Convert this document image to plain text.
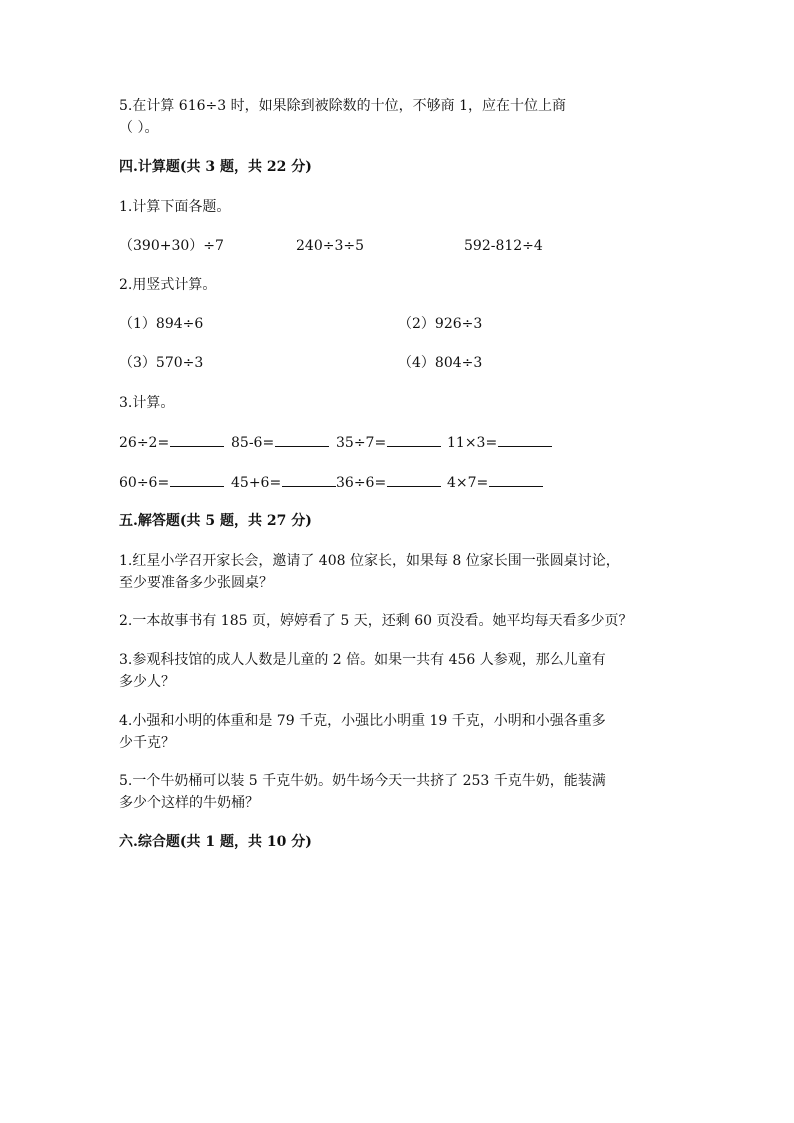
5.在计算 616÷3 时，如果除到被除数的十位，不够商 1，应在十位上商
（ ）。
四.计算题(共 3 题，共 22 分)
1.计算下面各题。
（390+30）÷7	240÷3÷5	592-812÷4
2.用竖式计算。
（1）894÷6	（2）926÷3
（3）570÷3	（4）804÷3
3.计算。
26÷2=	85-6=	35÷7=	11×3=
60÷6=	45+6=	36÷6=	4×7=
五.解答题(共 5 题，共 27 分)
1.红星小学召开家长会，邀请了 408 位家长，如果每 8 位家长围一张圆桌讨论，
至少要准备多少张圆桌？
2.一本故事书有 185 页，婷婷看了 5 天，还剩 60 页没看。她平均每天看多少页？
3.参观科技馆的成人人数是儿童的 2 倍。如果一共有 456 人参观，那么儿童有
多少人？
4.小强和小明的体重和是 79 千克，小强比小明重 19 千克，小明和小强各重多
少千克？
5.一个牛奶桶可以装 5 千克牛奶。奶牛场今天一共挤了 253 千克牛奶，能装满
多少个这样的牛奶桶？
六.综合题(共 1 题，共 10 分)
